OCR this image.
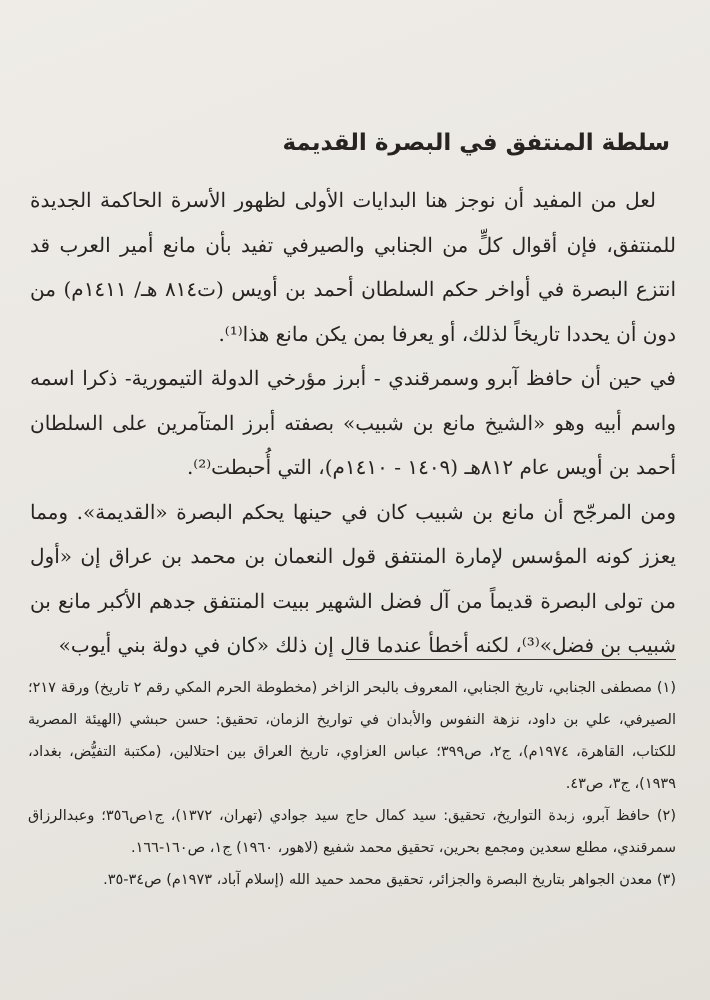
سلطة المنتفق في البصرة القديمة

لعل من المفيد أن نوجز هنا البدايات الأولى لظهور الأسرة الحاكمة الجديدة للمنتفق، فإن أقوال كلٍّ من الجنابي والصيرفي تفيد بأن مانع أمير العرب قد انتزع البصرة في أواخر حكم السلطان أحمد بن أويس (ت٨١٤ هـ/ ١٤١١م) من دون أن يحددا تاريخاً لذلك، أو يعرفا بمن يكن مانع هذا⁽¹⁾.

في حين أن حافظ آبرو وسمرقندي - أبرز مؤرخي الدولة التيمورية- ذكرا اسمه واسم أبيه وهو «الشيخ مانع بن شبيب» بصفته أبرز المتآمرين على السلطان أحمد بن أويس عام ٨١٢هـ (١٤٠٩ - ١٤١٠م)، التي أُحبطت⁽²⁾.

ومن المرجّح أن مانع بن شبيب كان في حينها يحكم البصرة «القديمة». ومما يعزز كونه المؤسس لإمارة المنتفق قول النعمان بن محمد بن عراق إن «أول من تولى البصرة قديماً من آل فضل الشهير ببيت المنتفق جدهم الأكبر مانع بن شبيب بن فضل»⁽³⁾، لكنه أخطأ عندما قال إن ذلك «كان في دولة بني أيوب»

(١) مصطفى الجنابي، تاريخ الجنابي، المعروف بالبحر الزاخر (مخطوطة الحرم المكي رقم ٢ تاريخ) ورقة ٢١٧؛ الصيرفي، علي بن داود، نزهة النفوس والأبدان في تواريخ الزمان، تحقيق: حسن حبشي (الهيئة المصرية للكتاب، القاهرة، ١٩٧٤م)، ج٢، ص٣٩٩؛ عباس العزاوي، تاريخ العراق بين احتلالين، (مكتبة التفيُّض، بغداد، ١٩٣٩)، ج٣، ص٤٣.

(٢) حافظ آبرو، زبدة التواريخ، تحقيق: سيد كمال حاج سيد جوادي (تهران، ١٣٧٢)، ج١ص٣٥٦؛ وعبدالرزاق سمرقندي، مطلع سعدين ومجمع بحرين، تحقيق محمد شفيع (لاهور، ١٩٦٠) ج١، ص١٦٠-١٦٦.

(٣) معدن الجواهر بتاريخ البصرة والجزائر، تحقيق محمد حميد الله (إسلام آباد، ١٩٧٣م) ص٣٤-٣٥.
